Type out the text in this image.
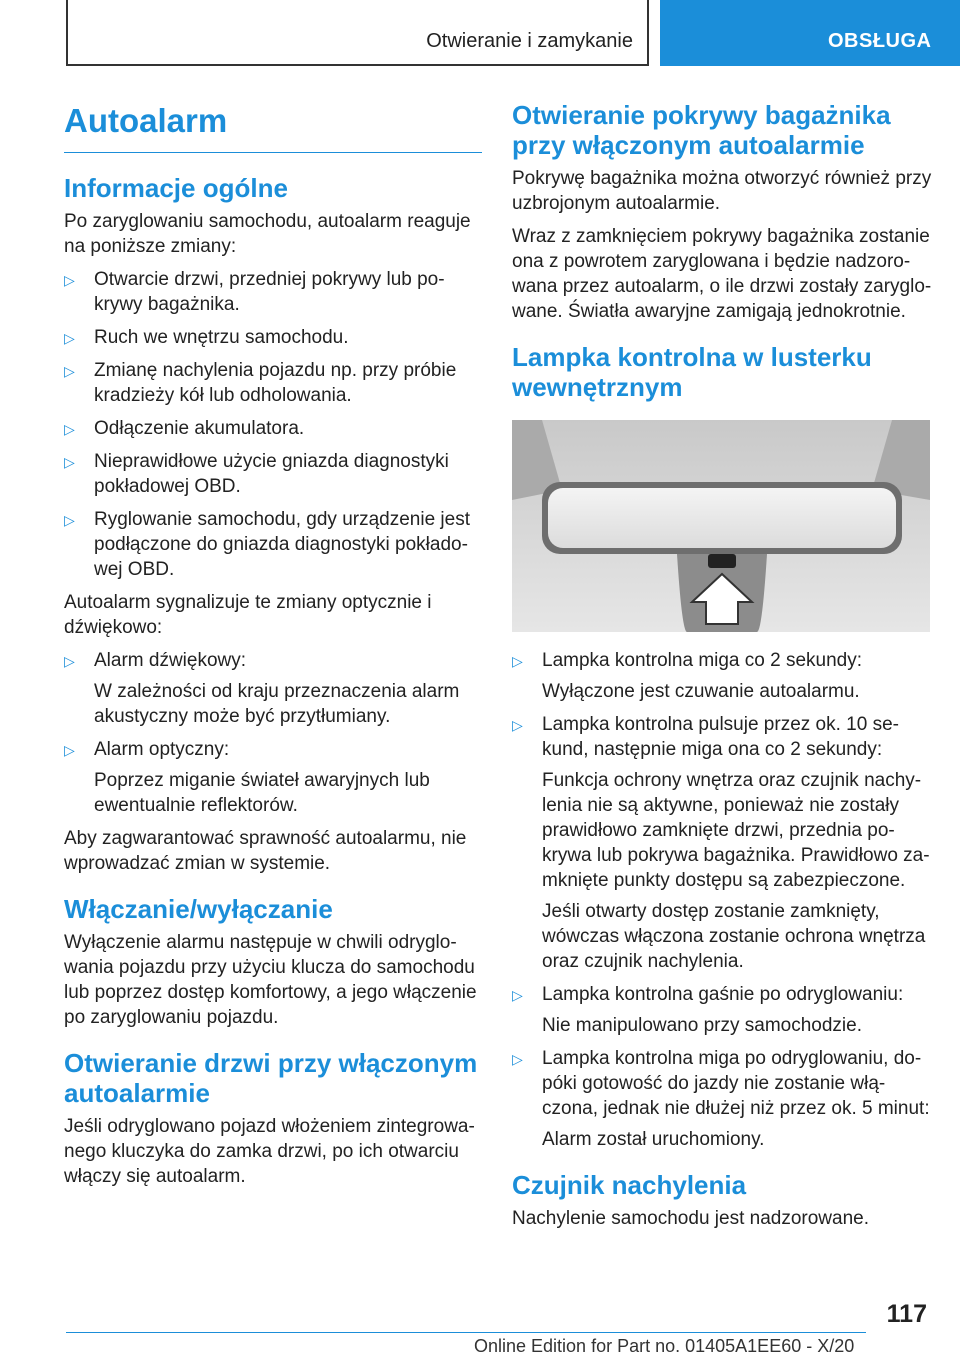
Otwieranie i zamykanie	OBSŁUGA
Autoalarm
Informacje ogólne

Po zaryglowaniu samochodu, autoalarm reaguje na poniższe zmiany:

▷ Otwarcie drzwi, przedniej pokrywy lub pokrywy bagażnika.
▷ Ruch we wnętrzu samochodu.
▷ Zmianę nachylenia pojazdu np. przy próbie kradzieży kół lub odholowania.
▷ Odłączenie akumulatora.
▷ Nieprawidłowe użycie gniazda diagnostyki pokładowej OBD.
▷ Ryglowanie samochodu, gdy urządzenie jest podłączone do gniazda diagnostyki pokładowej OBD.

Autoalarm sygnalizuje te zmiany optycznie i dźwiękowo:

▷ Alarm dźwiękowy:
W zależności od kraju przeznaczenia alarm akustyczny może być przytłumiany.
▷ Alarm optyczny:
Poprzez miganie świateł awaryjnych lub ewentualnie reflektorów.

Aby zagwarantować sprawność autoalarmu, nie wprowadzać zmian w systemie.

Włączanie/wyłączanie

Wyłączenie alarmu następuje w chwili odryglowania pojazdu przy użyciu klucza do samochodu lub poprzez dostęp komfortowy, a jego włączenie po zaryglowaniu pojazdu.

Otwieranie drzwi przy włączonym autoalarmie

Jeśli odryglowano pojazd włożeniem zintegrowanego kluczyka do zamka drzwi, po ich otwarciu włączy się autoalarm.

Otwieranie pokrywy bagażnika przy włączonym autoalarmie

Pokrywę bagażnika można otworzyć również przy uzbrojonym autoalarmie.

Wraz z zamknięciem pokrywy bagażnika zostanie ona z powrotem zaryglowana i będzie nadzorowana przez autoalarm, o ile drzwi zostały zaryglowane. Światła awaryjne zamigają jednokrotnie.

Lampka kontrolna w lusterku wewnętrznym
▷ Lampka kontrolna miga co 2 sekundy:
Wyłączone jest czuwanie autoalarmu.
▷ Lampka kontrolna pulsuje przez ok. 10 sekund, następnie miga ona co 2 sekundy:
Funkcja ochrony wnętrza oraz czujnik nachylenia nie są aktywne, ponieważ nie zostały prawidłowo zamknięte drzwi, przednia pokrywa lub pokrywa bagażnika. Prawidłowo zamknięte punkty dostępu są zabezpieczone.
Jeśli otwarty dostęp zostanie zamknięty, wówczas włączona zostanie ochrona wnętrza oraz czujnik nachylenia.
▷ Lampka kontrolna gaśnie po odryglowaniu:
Nie manipulowano przy samochodzie.
▷ Lampka kontrolna miga po odryglowaniu, dopóki gotowość do jazdy nie zostanie włączona, jednak nie dłużej niż przez ok. 5 minut:
Alarm został uruchomiony.
Czujnik nachylenia

Nachylenie samochodu jest nadzorowane.

117
Online Edition for Part no. 01405A1EE60 - X/20
